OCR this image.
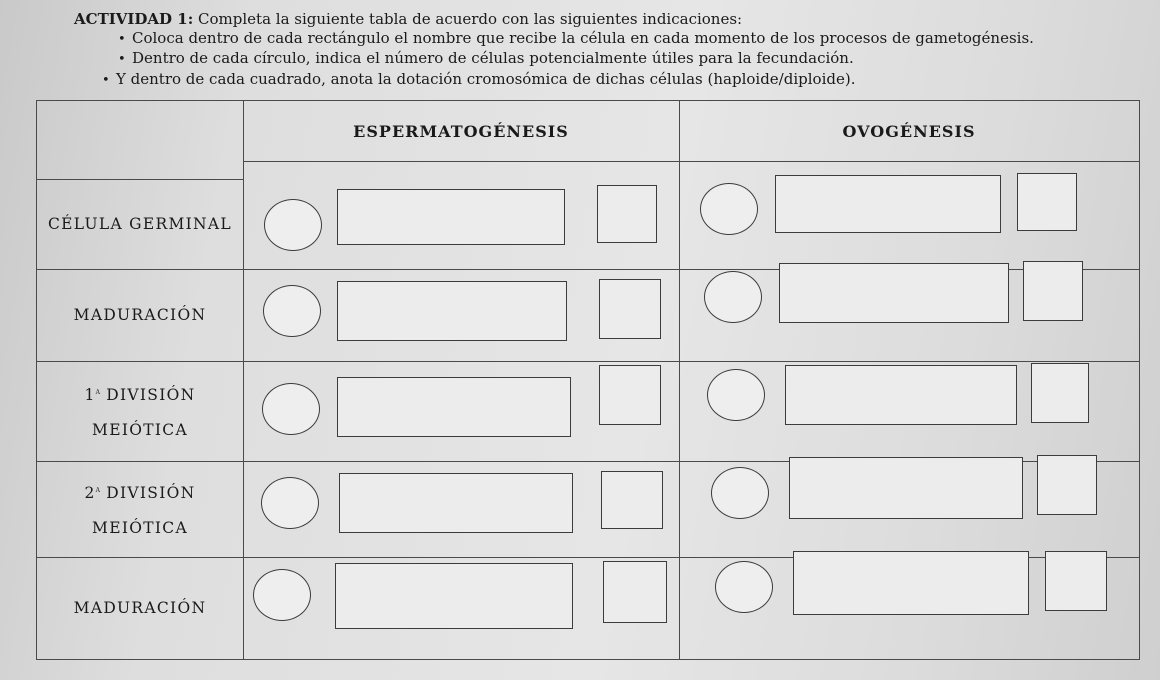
ACTIVIDAD 1: Completa la siguiente tabla de acuerdo con las siguientes indicaciones:

• Coloca dentro de cada rectángulo el nombre que recibe la célula en cada momento de los procesos de gametogénesis.
• Dentro de cada círculo, indica el número de células potencialmente útiles para la fecundación.
• Y dentro de cada cuadrado, anota la dotación cromosómica de dichas células (haploide/diploide).
ESPERMATOGÉNESIS	OVOGÉNESIS
CÉLULA GERMINAL
MADURACIÓN
1$^a$ DIVISIÓN
MEIÓTICA
2$^a$ DIVISIÓN
MEIÓTICA
MADURACIÓN
